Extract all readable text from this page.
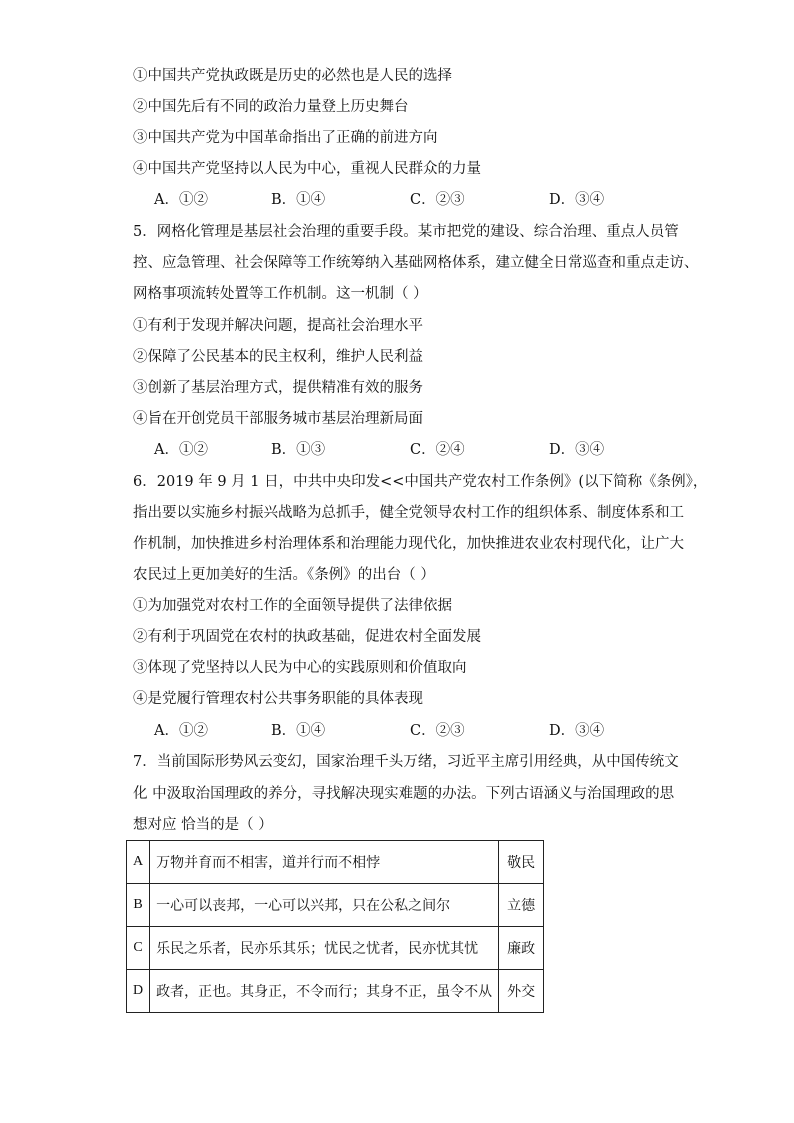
①中国共产党执政既是历史的必然也是人民的选择
②中国先后有不同的政治力量登上历史舞台
③中国共产党为中国革命指出了正确的前进方向
④中国共产党坚持以人民为中心，重视人民群众的力量
A．①②	B．①④	C．②③	D．③④
5．网格化管理是基层社会治理的重要手段。某市把党的建设、综合治理、重点人员管
控、应急管理、社会保障等工作统筹纳入基础网格体系，建立健全日常巡查和重点走访、
网格事项流转处置等工作机制。这一机制（ ）
①有利于发现并解决问题，提高社会治理水平
②保障了公民基本的民主权利，维护人民利益
③创新了基层治理方式，提供精准有效的服务
④旨在开创党员干部服务城市基层治理新局面
A．①②	B．①③	C．②④	D．③④
6．2019 年 9 月 1 日，中共中央印发<<中国共产党农村工作条例》(以下简称《条例》，
指出要以实施乡村振兴战略为总抓手，健全党领导农村工作的组织体系、制度体系和工
作机制，加快推进乡村治理体系和治理能力现代化，加快推进农业农村现代化，让广大
农民过上更加美好的生活。《条例》的出台（ ）
①为加强党对农村工作的全面领导提供了法律依据
②有利于巩固党在农村的执政基础，促进农村全面发展
③体现了党坚持以人民为中心的实践原则和价值取向
④是党履行管理农村公共事务职能的具体表现
A．①②	B．①④	C．②③	D．③④
7．当前国际形势风云变幻，国家治理千头万绪，习近平主席引用经典，从中国传统文
化 中汲取治国理政的养分，寻找解决现实难题的办法。下列古语涵义与治国理政的思
想对应 恰当的是（ ）
A	万物并育而不相害，道并行而不相悖	敬民
B	一心可以丧邦，一心可以兴邦，只在公私之间尔	立德
C	乐民之乐者，民亦乐其乐；忧民之忧者，民亦忧其忧	廉政
D	政者，正也。其身正，不令而行；其身不正，虽令不从	外交
